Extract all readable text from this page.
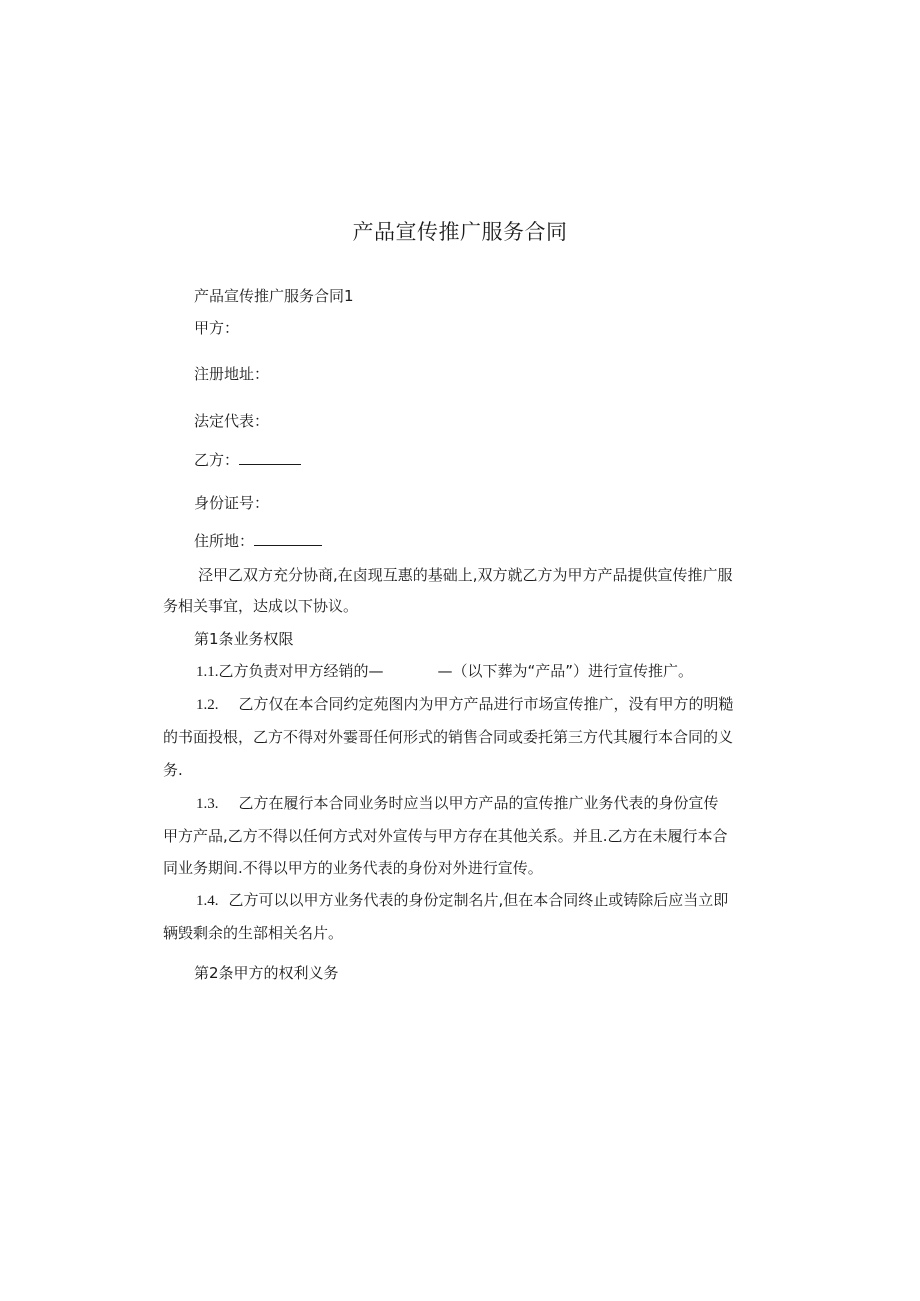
产品宣传推广服务合同

产品宣传推广服务合同1

甲方：

注册地址：

法定代表：

乙方：

身份证号：

住所地：

泾甲乙双方充分协商,在卤现互惠的基础上,双方就乙方为甲方产品提供宣传推广服

务相关事宜，达成以下协议。

第1条业务权限

1.1.乙方负责对甲方经销的—	—（以下葬为“产品”）进行宣传推广。

1.2. 乙方仅在本合同约定苑图内为甲方产品进行市场宣传推广，没有甲方的明糙

的书面投根，乙方不得对外霎哥任何形式的销售合同或委托第三方代其履行本合同的义

务.

1.3. 乙方在履行本合同业务时应当以甲方产品的宣传推广业务代表的身份宣传

甲方产品,乙方不得以任何方式对外宣传与甲方存在其他关系。并且.乙方在未履行本合

同业务期间.不得以甲方的业务代表的身份对外进行宣传。

1.4. 乙方可以以甲方业务代表的身份定制名片,但在本合同终止或铸除后应当立即

辆毁剩余的生部相关名片。

第2条甲方的权利义务
